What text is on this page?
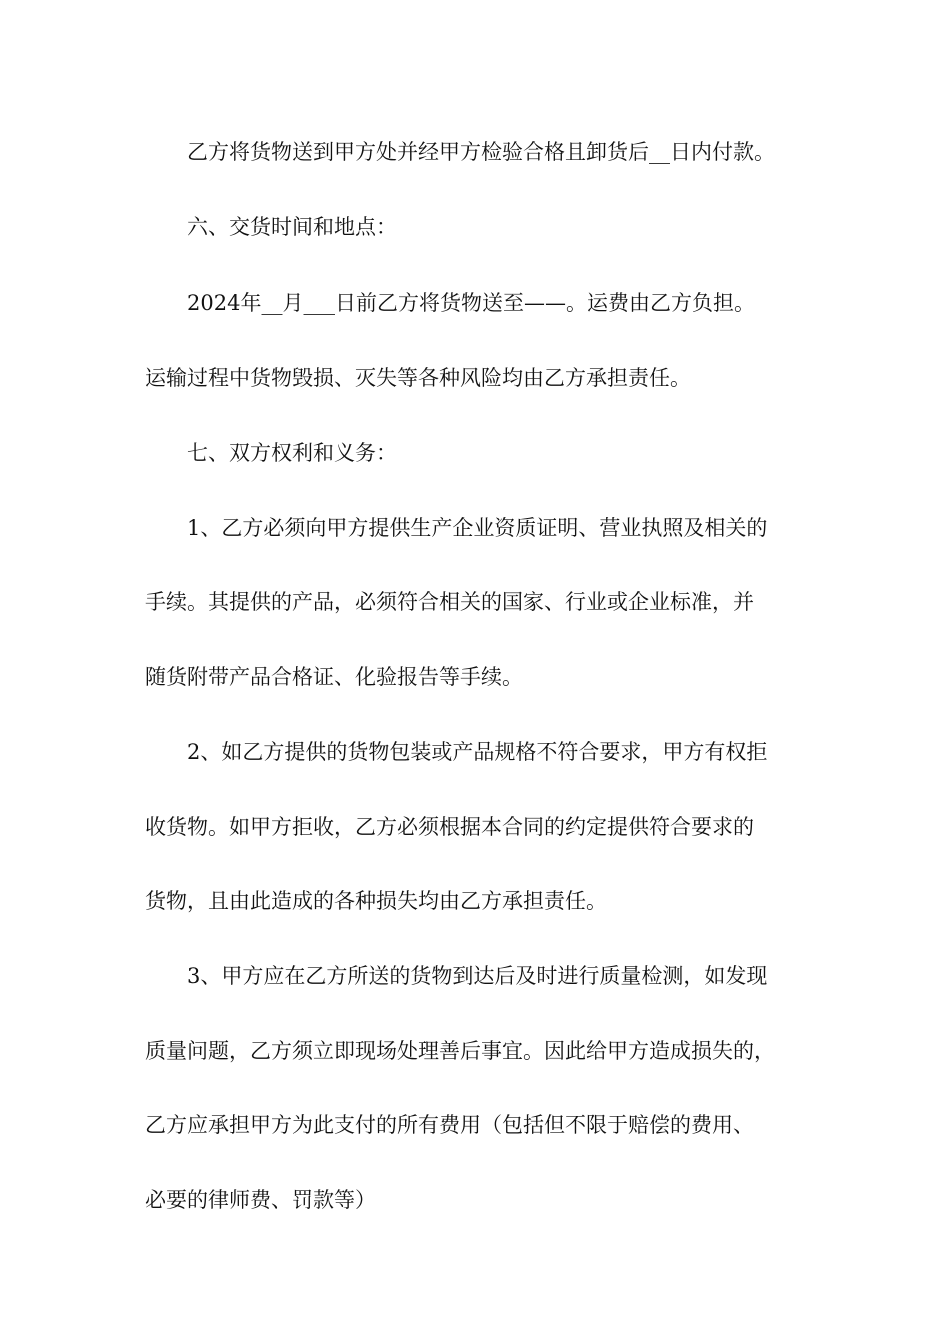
乙方将货物送到甲方处并经甲方检验合格且卸货后__日内付款。

六、交货时间和地点：

2024年__月___日前乙方将货物送至——。运费由乙方负担。

运输过程中货物毁损、灭失等各种风险均由乙方承担责任。

七、双方权利和义务：

1、乙方必须向甲方提供生产企业资质证明、营业执照及相关的

手续。其提供的产品，必须符合相关的国家、行业或企业标准，并

随货附带产品合格证、化验报告等手续。

2、如乙方提供的货物包装或产品规格不符合要求，甲方有权拒

收货物。如甲方拒收，乙方必须根据本合同的约定提供符合要求的

货物，且由此造成的各种损失均由乙方承担责任。

3、甲方应在乙方所送的货物到达后及时进行质量检测，如发现

质量问题，乙方须立即现场处理善后事宜。因此给甲方造成损失的，

乙方应承担甲方为此支付的所有费用（包括但不限于赔偿的费用、

必要的律师费、罚款等）
